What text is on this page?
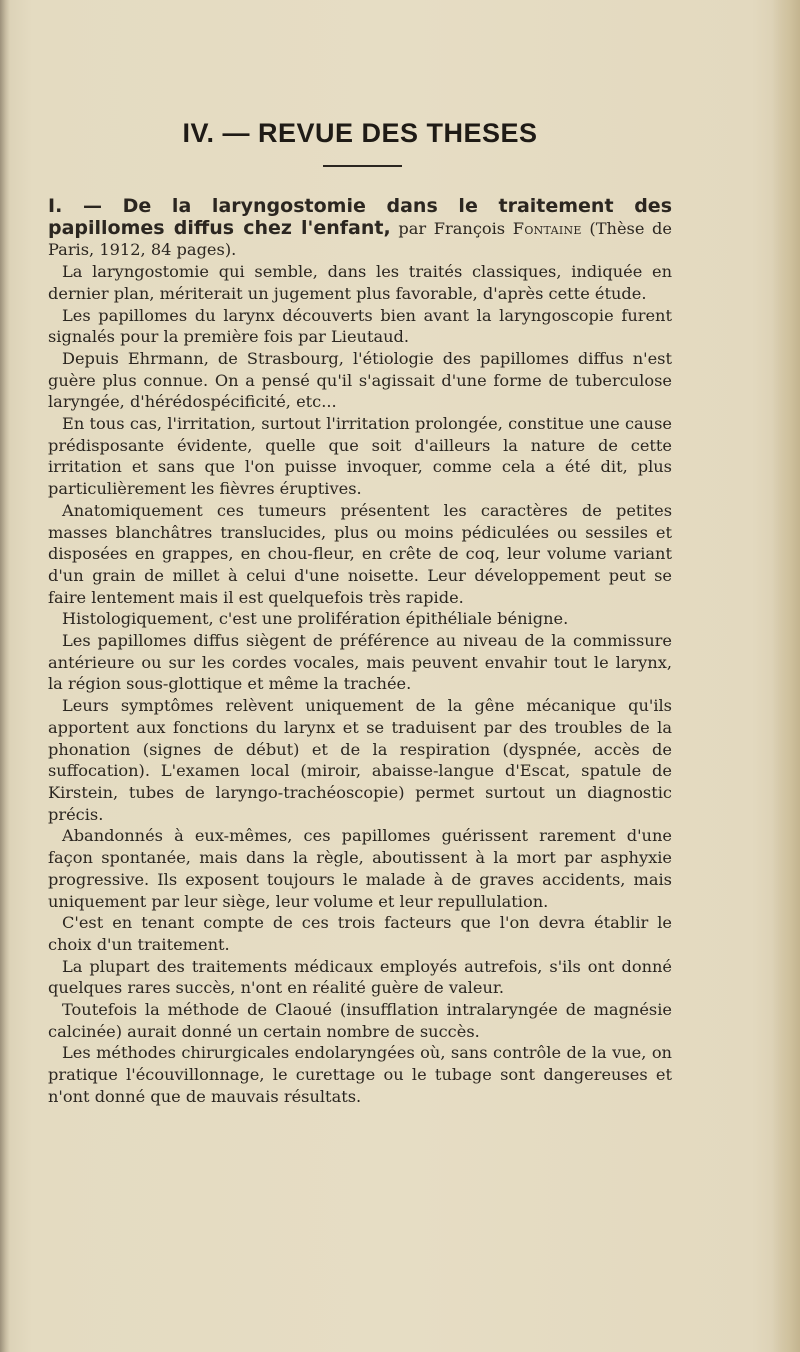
IV. — REVUE DES THESES

I. — De la laryngostomie dans le traitement des papillomes diffus chez l'enfant, par François Fontaine (Thèse de Paris, 1912, 84 pages).

La laryngostomie qui semble, dans les traités classiques, indiquée en dernier plan, mériterait un jugement plus favorable, d'après cette étude.

Les papillomes du larynx découverts bien avant la laryngoscopie furent signalés pour la première fois par Lieutaud.

Depuis Ehrmann, de Strasbourg, l'étiologie des papillomes diffus n'est guère plus connue. On a pensé qu'il s'agissait d'une forme de tuberculose laryngée, d'hérédospécificité, etc...

En tous cas, l'irritation, surtout l'irritation prolongée, constitue une cause prédisposante évidente, quelle que soit d'ailleurs la nature de cette irritation et sans que l'on puisse invoquer, comme cela a été dit, plus particulièrement les fièvres éruptives.

Anatomiquement ces tumeurs présentent les caractères de petites masses blanchâtres translucides, plus ou moins pédiculées ou sessiles et disposées en grappes, en chou-fleur, en crête de coq, leur volume variant d'un grain de millet à celui d'une noisette. Leur développement peut se faire lentement mais il est quelquefois très rapide.

Histologiquement, c'est une prolifération épithéliale bénigne.

Les papillomes diffus siègent de préférence au niveau de la commissure antérieure ou sur les cordes vocales, mais peuvent envahir tout le larynx, la région sous-glottique et même la trachée.

Leurs symptômes relèvent uniquement de la gêne mécanique qu'ils apportent aux fonctions du larynx et se traduisent par des troubles de la phonation (signes de début) et de la respiration (dyspnée, accès de suffocation). L'examen local (miroir, abaisse-langue d'Escat, spatule de Kirstein, tubes de laryngo-trachéoscopie) permet surtout un diagnostic précis.

Abandonnés à eux-mêmes, ces papillomes guérissent rarement d'une façon spontanée, mais dans la règle, aboutissent à la mort par asphyxie progressive. Ils exposent toujours le malade à de graves accidents, mais uniquement par leur siège, leur volume et leur repullulation.

C'est en tenant compte de ces trois facteurs que l'on devra établir le choix d'un traitement.

La plupart des traitements médicaux employés autrefois, s'ils ont donné quelques rares succès, n'ont en réalité guère de valeur.

Toutefois la méthode de Claoué (insufflation intralaryngée de magnésie calcinée) aurait donné un certain nombre de succès.

Les méthodes chirurgicales endolaryngées où, sans contrôle de la vue, on pratique l'écouvillonnage, le curettage ou le tubage sont dangereuses et n'ont donné que de mauvais résultats.
